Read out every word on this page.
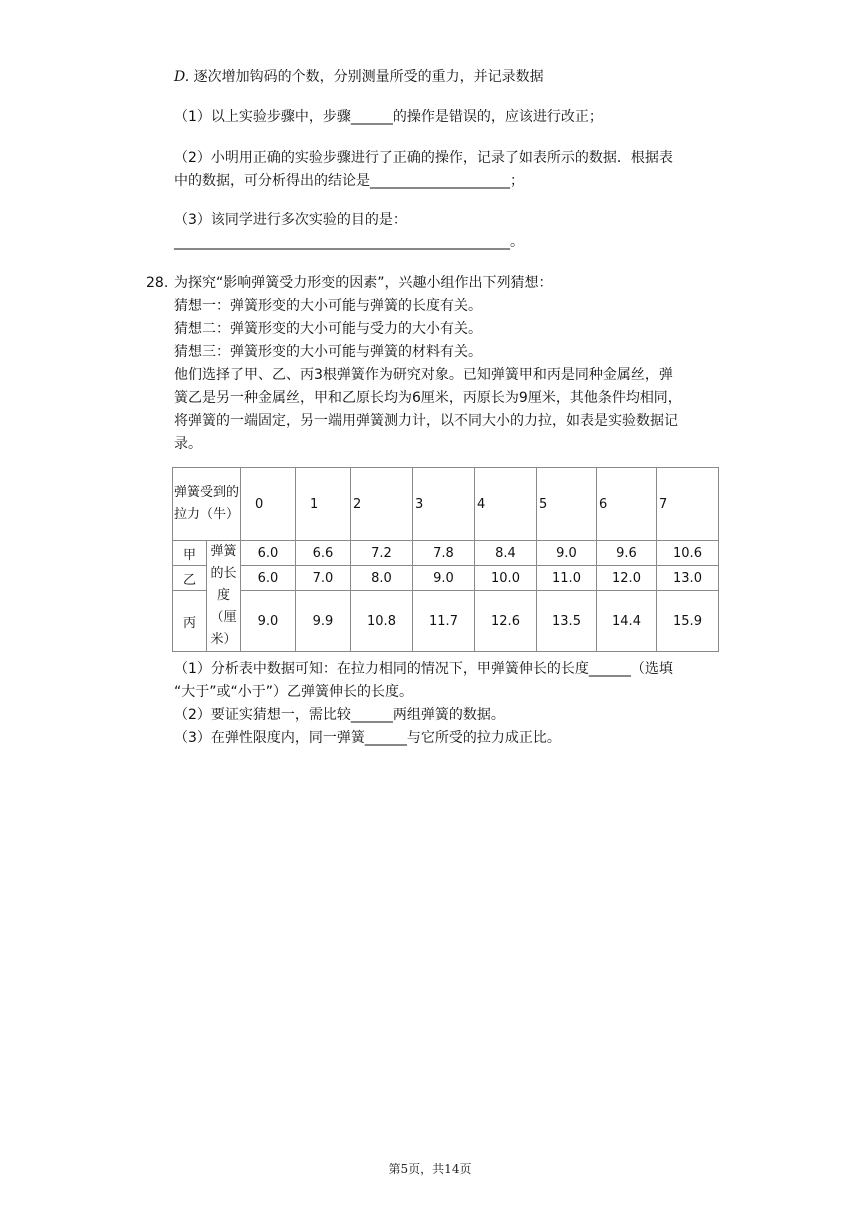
D. 逐次增加钩码的个数，分别测量所受的重力，并记录数据
（1）以上实验步骤中，步骤______的操作是错误的，应该进行改正；
（2）小明用正确的实验步骤进行了正确的操作，记录了如表所示的数据．根据表
中的数据，可分析得出的结论是____________________；
（3）该同学进行多次实验的目的是：
________________________________________________。
28. 为探究“影响弹簧受力形变的因素”，兴趣小组作出下列猜想：
猜想一：弹簧形变的大小可能与弹簧的长度有关。
猜想二：弹簧形变的大小可能与受力的大小有关。
猜想三：弹簧形变的大小可能与弹簧的材料有关。
他们选择了甲、乙、丙3根弹簧作为研究对象。已知弹簧甲和丙是同种金属丝，弹
簧乙是另一种金属丝，甲和乙原长均为6厘米，丙原长为9厘米，其他条件均相同，
将弹簧的一端固定，另一端用弹簧测力计，以不同大小的力拉，如表是实验数据记
录。
弹簧受到的拉力（牛）		0	1	2	3	4	5	6	7
甲	弹簧的长度（厘米）	6.0	6.6	7.2	7.8	8.4	9.0	9.6	10.6
乙		6.0	7.0	8.0	9.0	10.0	11.0	12.0	13.0
丙		9.0	9.9	10.8	11.7	12.6	13.5	14.4	15.9
（1）分析表中数据可知：在拉力相同的情况下，甲弹簧伸长的长度______（选填
“大于”或“小于”）乙弹簧伸长的长度。
（2）要证实猜想一，需比较______两组弹簧的数据。
（3）在弹性限度内，同一弹簧______与它所受的拉力成正比。
第5页，共14页
